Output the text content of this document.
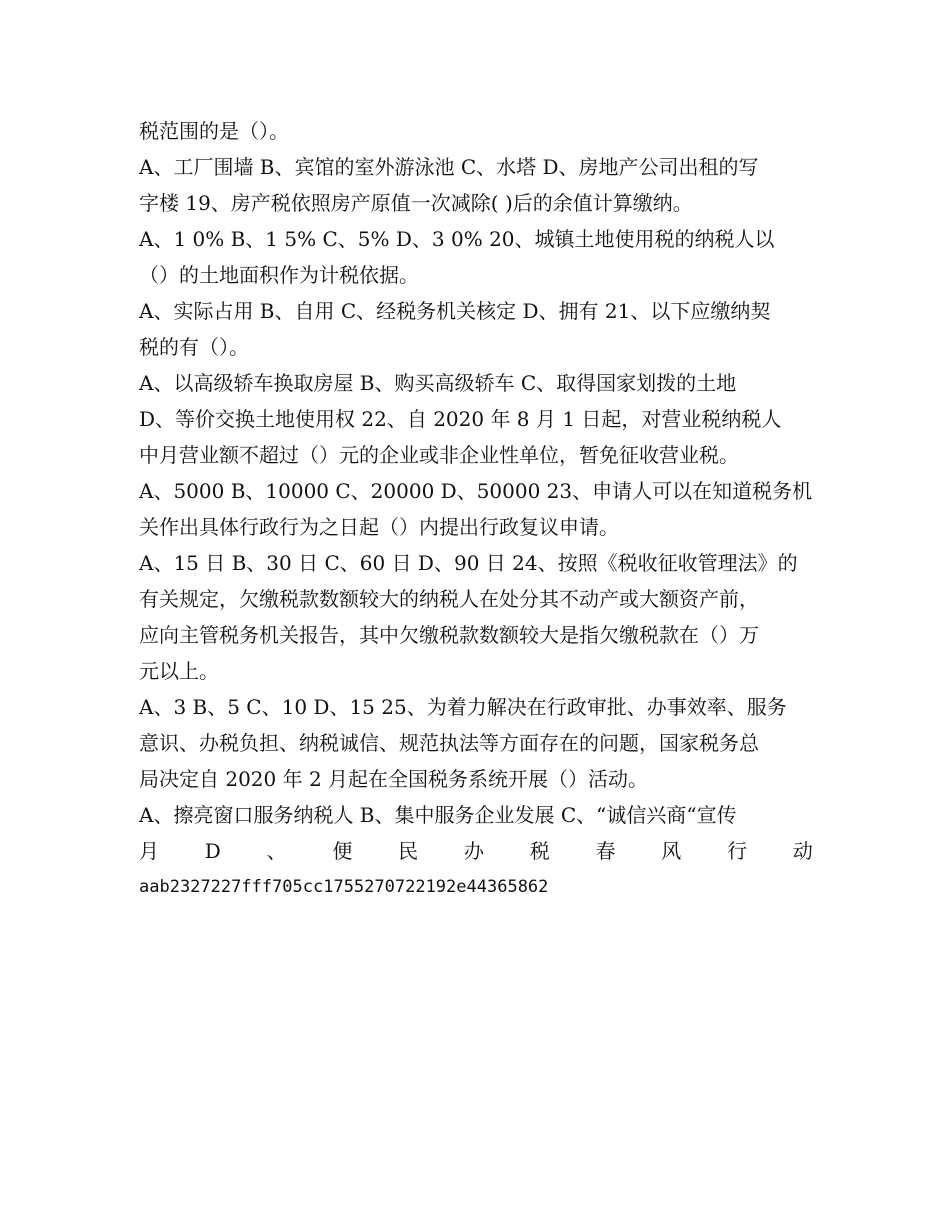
税范围的是（）。
A、工厂围墙 B、宾馆的室外游泳池 C、水塔 D、房地产公司出租的写
字楼 19、房产税依照房产原值一次减除( )后的余值计算缴纳。
A、1 0% B、1 5% C、5% D、3 0% 20、城镇土地使用税的纳税人以
（）的土地面积作为计税依据。
A、实际占用 B、自用 C、经税务机关核定 D、拥有 21、以下应缴纳契
税的有（）。
A、以高级轿车换取房屋 B、购买高级轿车 C、取得国家划拨的土地
D、等价交换土地使用权 22、自 2020 年 8 月 1 日起，对营业税纳税人
中月营业额不超过（）元的企业或非企业性单位，暂免征收营业税。
A、5000 B、10000 C、20000 D、50000 23、申请人可以在知道税务机
关作出具体行政行为之日起（）内提出行政复议申请。
A、15 日 B、30 日 C、60 日 D、90 日 24、按照《税收征收管理法》的
有关规定，欠缴税款数额较大的纳税人在处分其不动产或大额资产前，
应向主管税务机关报告，其中欠缴税款数额较大是指欠缴税款在（）万
元以上。
A、3 B、5 C、10 D、15 25、为着力解决在行政审批、办事效率、服务
意识、办税负担、纳税诚信、规范执法等方面存在的问题，国家税务总
局决定自 2020 年 2 月起在全国税务系统开展（）活动。
A、擦亮窗口服务纳税人 B、集中服务企业发展 C、“诚信兴商“宣传
月 D 、 便 民 办 税 春 风 行 动
aab2327227fff705cc1755270722192e44365862
